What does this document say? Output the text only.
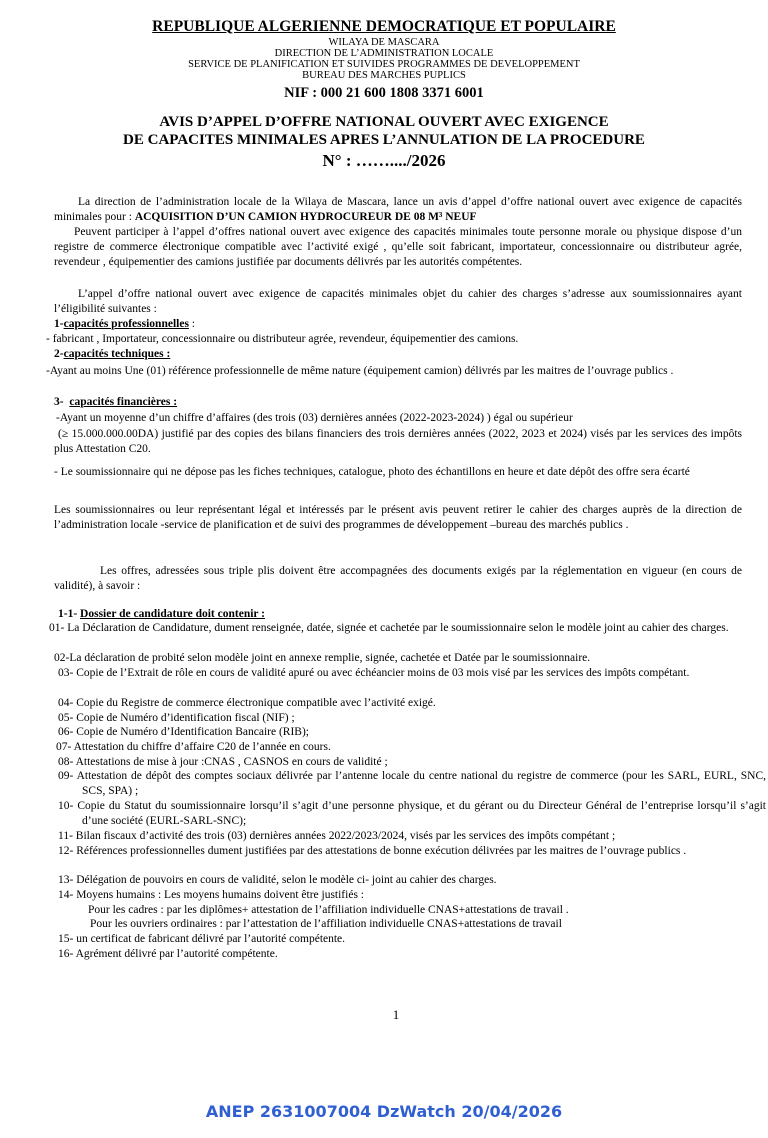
REPUBLIQUE ALGERIENNE DEMOCRATIQUE ET POPULAIRE
WILAYA DE MASCARA
DIRECTION DE L’ADMINISTRATION LOCALE
SERVICE DE PLANIFICATION ET SUIVIDES PROGRAMMES DE DEVELOPPEMENT
BUREAU DES MARCHES PUPLICS
NIF : 000 21 600 1808 3371 6001
AVIS D’APPEL D’OFFRE NATIONAL OUVERT AVEC EXIGENCE
DE CAPACITES MINIMALES APRES L’ANNULATION DE LA PROCEDURE
N° : ……..../2026
La direction de l’administration locale de la Wilaya de Mascara, lance un avis d’appel d’offre national ouvert avec exigence de capacités minimales pour : ACQUISITION D’UN CAMION HYDROCUREUR DE 08 M³ NEUF
Peuvent participer à l’appel d’offres national ouvert avec exigence des capacités minimales toute personne morale ou physique dispose d’un registre de commerce électronique compatible avec l’activité exigé , qu’elle soit fabricant, importateur, concessionnaire ou distributeur agrée, revendeur , équipementier des camions justifiée par documents délivrés par les autorités compétentes.
L’appel d’offre national ouvert avec exigence de capacités minimales objet du cahier des charges s’adresse aux soumissionnaires ayant l’éligibilité suivantes :
1-capacités professionnelles :
- fabricant , Importateur, concessionnaire ou distributeur agrée, revendeur, équipementier des camions.
2-capacités techniques :
-Ayant au moins Une (01) référence professionnelle de même nature (équipement camion) délivrés par les maitres de l’ouvrage publics .
3- capacités financières :
-Ayant un moyenne d’un chiffre d’affaires (des trois (03) dernières années (2022-2023-2024) ) égal ou supérieur
(≥ 15.000.000.00DA) justifié par des copies des bilans financiers des trois dernières années (2022, 2023 et 2024) visés par les services des impôts plus Attestation C20.
- Le soumissionnaire qui ne dépose pas les fiches techniques, catalogue, photo des échantillons en heure et date dépôt des offre sera écarté
Les soumissionnaires ou leur représentant légal et intéressés par le présent avis peuvent retirer le cahier des charges auprès de la direction de l’administration locale -service de planification et de suivi des programmes de développement –bureau des marchés publics .
Les offres, adressées sous triple plis doivent être accompagnées des documents exigés par la réglementation en vigueur (en cours de validité), à savoir :
1-1- Dossier de candidature doit contenir :
01- La Déclaration de Candidature, dument renseignée, datée, signée et cachetée par le soumissionnaire selon le modèle joint au cahier des charges.
02-La déclaration de probité selon modèle joint en annexe remplie, signée, cachetée et Datée par le soumissionnaire.
03- Copie de l’Extrait de rôle en cours de validité apuré ou avec échéancier moins de 03 mois visé par les services des impôts compétant.
04- Copie du Registre de commerce électronique compatible avec l’activité exigé.
05- Copie de Numéro d’identification fiscal (NIF) ;
06- Copie de Numéro d’Identification Bancaire (RIB);
07- Attestation du chiffre d’affaire C20 de l’année en cours.
08- Attestations de mise à jour :CNAS , CASNOS en cours de validité ;
09- Attestation de dépôt des comptes sociaux délivrée par l’antenne locale du centre national du registre de commerce (pour les SARL, EURL, SNC, SCS, SPA) ;
10- Copie du Statut du soumissionnaire lorsqu’il s’agit d’une personne physique, et du gérant ou du Directeur Général de l’entreprise lorsqu’il s’agit d’une société (EURL-SARL-SNC);
11- Bilan fiscaux d’activité des trois (03) dernières années 2022/2023/2024, visés par les services des impôts compétant ;
12- Références professionnelles dument justifiées par des attestations de bonne exécution délivrées par les maitres de l’ouvrage publics .
13- Délégation de pouvoirs en cours de validité, selon le modèle ci- joint au cahier des charges.
14- Moyens humains : Les moyens humains doivent être justifiés :
Pour les cadres : par les diplômes+ attestation de l’affiliation individuelle CNAS+attestations de travail .
Pour les ouvriers ordinaires : par l’attestation de l’affiliation individuelle CNAS+attestations de travail
15- un certificat de fabricant délivré par l’autorité compétente.
16- Agrément délivré par l’autorité compétente.
1
ANEP 2631007004 DzWatch 20/04/2026
